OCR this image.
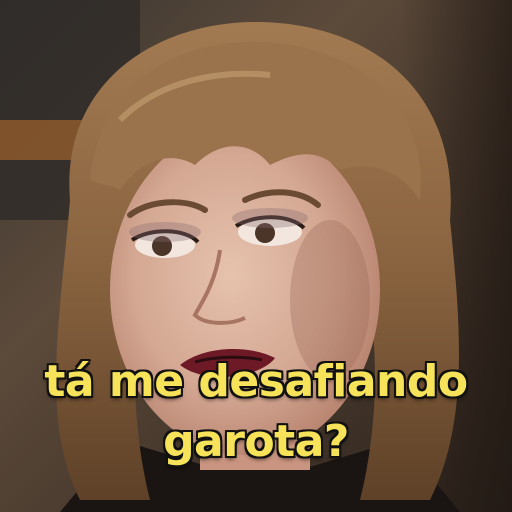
tá me desafiando
garota?
